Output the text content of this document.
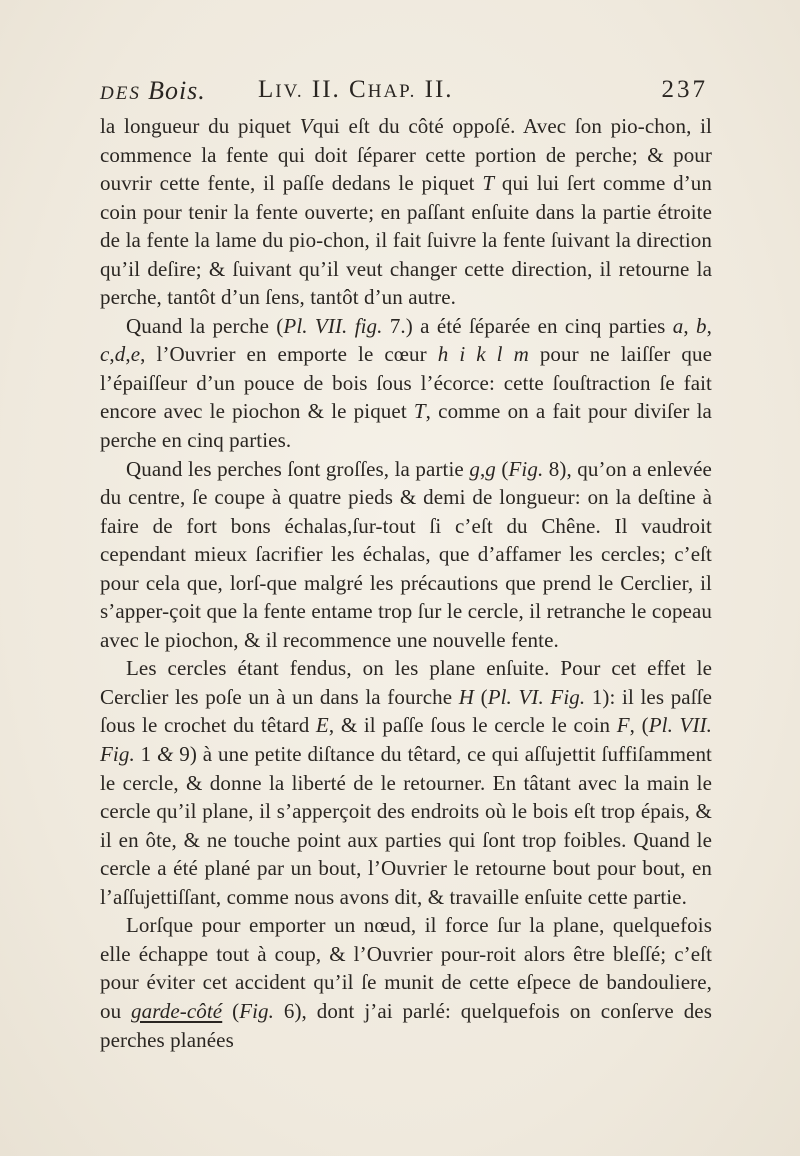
DES Bois. LIV. II. CHAP. II.	237

la longueur du piquet Vqui eſt du côté oppoſé. Avec ſon pio-chon, il commence la fente qui doit ſéparer cette portion de perche; & pour ouvrir cette fente, il paſſe dedans le piquet T qui lui ſert comme d’un coin pour tenir la fente ouverte; en paſſant enſuite dans la partie étroite de la fente la lame du pio-chon, il fait ſuivre la fente ſuivant la direction qu’il deſire; & ſuivant qu’il veut changer cette direction, il retourne la perche, tantôt d’un ſens, tantôt d’un autre.

Quand la perche (Pl. VII. fig. 7.) a été ſéparée en cinq parties a, b, c,d,e, l’Ouvrier en emporte le cœur h i k l m pour ne laiſſer que l’épaiſſeur d’un pouce de bois ſous l’écorce: cette ſouſtraction ſe fait encore avec le piochon & le piquet T, comme on a fait pour diviſer la perche en cinq parties.

Quand les perches ſont groſſes, la partie g,g (Fig. 8), qu’on a enlevée du centre, ſe coupe à quatre pieds & demi de longueur: on la deſtine à faire de fort bons échalas,ſur-tout ſi c’eſt du Chêne. Il vaudroit cependant mieux ſacrifier les échalas, que d’affamer les cercles; c’eſt pour cela que, lorſ-que malgré les précautions que prend le Cerclier, il s’apper-çoit que la fente entame trop ſur le cercle, il retranche le copeau avec le piochon, & il recommence une nouvelle fente.

Les cercles étant fendus, on les plane enſuite. Pour cet effet le Cerclier les poſe un à un dans la fourche H (Pl. VI. Fig. 1): il les paſſe ſous le crochet du têtard E, & il paſſe ſous le cercle le coin F, (Pl. VII. Fig. 1 & 9) à une petite diſtance du têtard, ce qui aſſujettit ſuffiſamment le cercle, & donne la liberté de le retourner. En tâtant avec la main le cercle qu’il plane, il s’apperçoit des endroits où le bois eſt trop épais, & il en ôte, & ne touche point aux parties qui ſont trop foibles. Quand le cercle a été plané par un bout, l’Ouvrier le retourne bout pour bout, en l’aſſujettiſſant, comme nous avons dit, & travaille enſuite cette partie.

Lorſque pour emporter un nœud, il force ſur la plane, quelquefois elle échappe tout à coup, & l’Ouvrier pour-roit alors être bleſſé; c’eſt pour éviter cet accident qu’il ſe munit de cette eſpece de bandouliere, ou garde-côté (Fig. 6), dont j’ai parlé: quelquefois on conſerve des perches planées
